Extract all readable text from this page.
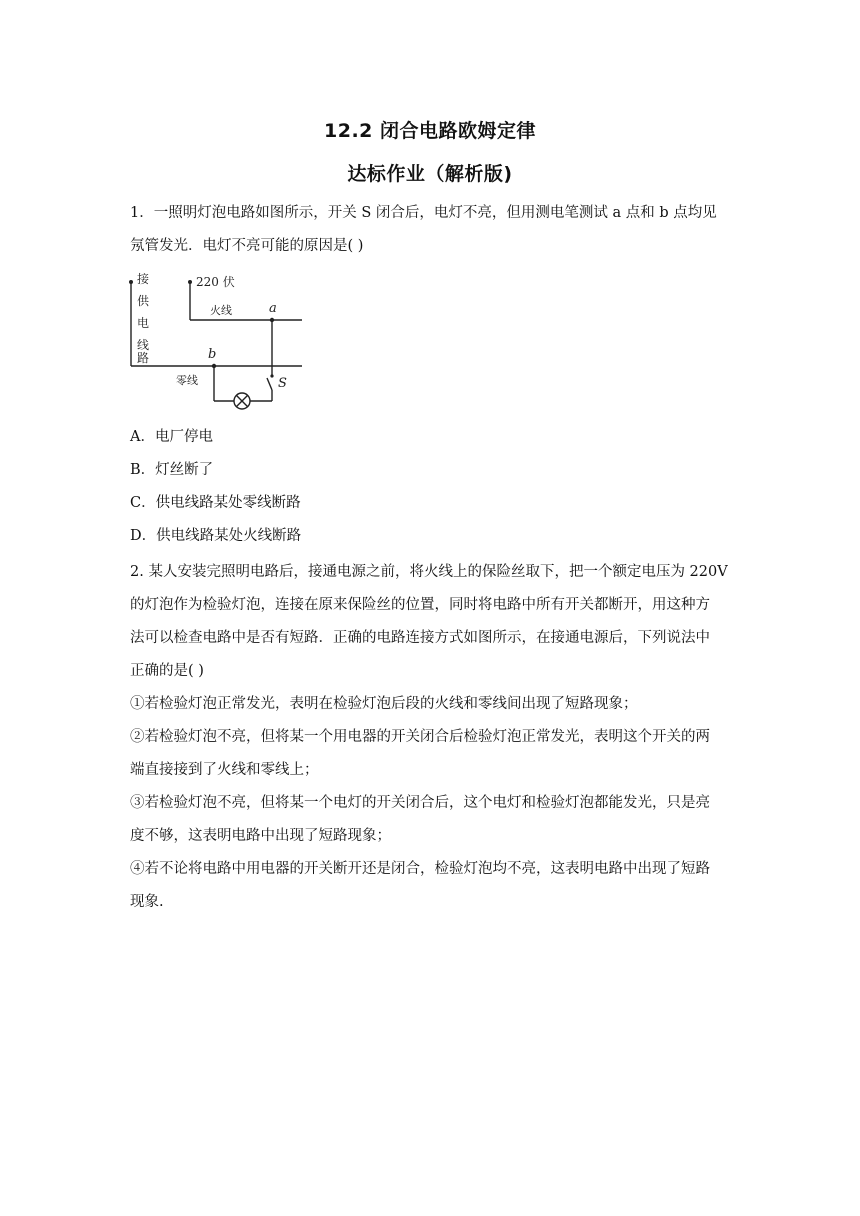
12.2 闭合电路欧姆定律
达标作业（解析版)
1．一照明灯泡电路如图所示，开关 S 闭合后，电灯不亮，但用测电笔测试 a 点和 b 点均见
氖管发光．电灯不亮可能的原因是( )
接
供
电
线
路
220 伏
火线
零线
a
b
S
A．电厂停电
B．灯丝断了
C．供电线路某处零线断路
D．供电线路某处火线断路
2. 某人安装完照明电路后，接通电源之前，将火线上的保险丝取下，把一个额定电压为 220V
的灯泡作为检验灯泡，连接在原来保险丝的位置，同时将电路中所有开关都断开，用这种方
法可以检查电路中是否有短路．正确的电路连接方式如图所示，在接通电源后，下列说法中
正确的是( )
①若检验灯泡正常发光，表明在检验灯泡后段的火线和零线间出现了短路现象；
②若检验灯泡不亮，但将某一个用电器的开关闭合后检验灯泡正常发光，表明这个开关的两
端直接接到了火线和零线上；
③若检验灯泡不亮，但将某一个电灯的开关闭合后，这个电灯和检验灯泡都能发光，只是亮
度不够，这表明电路中出现了短路现象；
④若不论将电路中用电器的开关断开还是闭合，检验灯泡均不亮，这表明电路中出现了短路
现象.
